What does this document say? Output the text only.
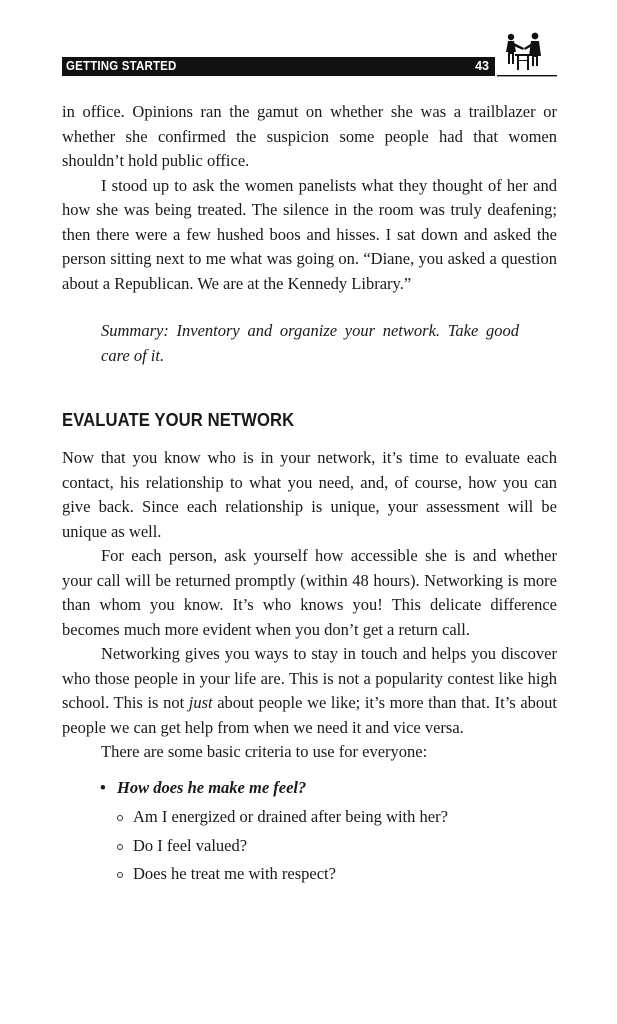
GETTING STARTED	43

in office. Opinions ran the gamut on whether she was a trailblazer or whether she confirmed the suspicion some people had that women shouldn’t hold public office.

I stood up to ask the women panelists what they thought of her and how she was being treated. The silence in the room was truly deafening; then there were a few hushed boos and hisses. I sat down and asked the person sitting next to me what was going on. “Diane, you asked a question about a Republican. We are at the Kennedy Library.”

Summary: Inventory and organize your network. Take good care of it.
EVALUATE YOUR NETWORK

Now that you know who is in your network, it’s time to evaluate each contact, his relationship to what you need, and, of course, how you can give back. Since each relationship is unique, your assessment will be unique as well.

For each person, ask yourself how accessible she is and whether your call will be returned promptly (within 48 hours). Networking is more than whom you know. It’s who knows you! This delicate difference becomes much more evident when you don’t get a return call.

Networking gives you ways to stay in touch and helps you discover who those people in your life are. This is not a popularity contest like high school. This is not just about people we like; it’s more than that. It’s about people we can get help from when we need it and vice versa.

There are some basic criteria to use for everyone:

• How does he make me feel?
Am I energized or drained after being with her?
Do I feel valued?
Does he treat me with respect?
